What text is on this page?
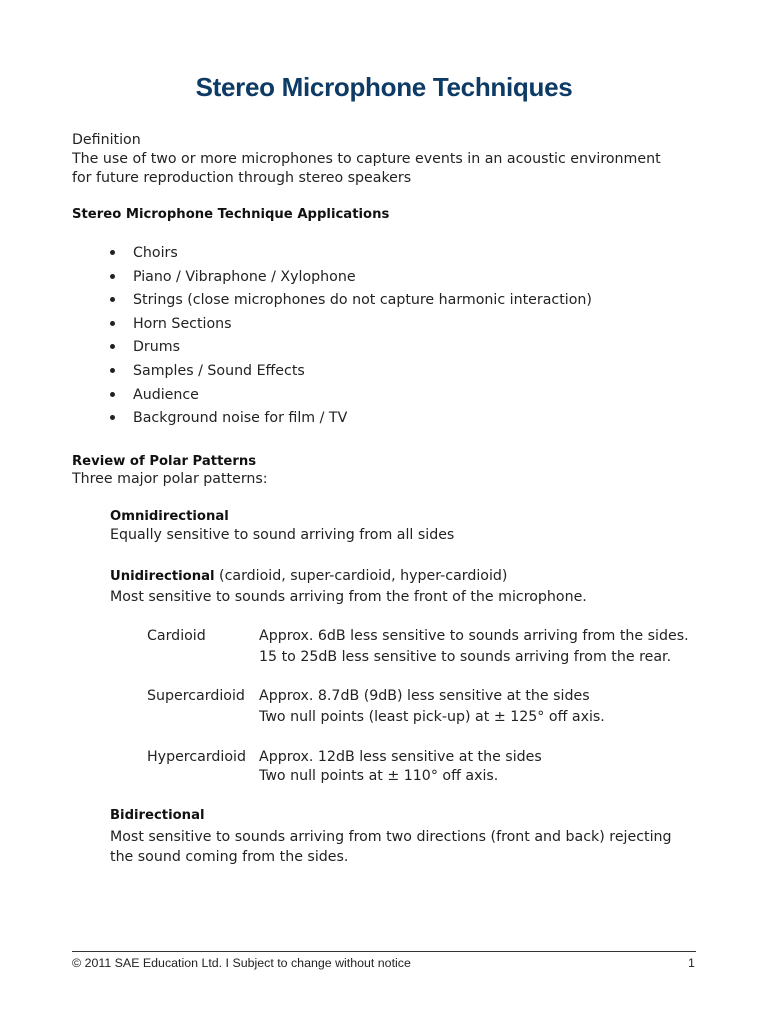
Stereo Microphone Techniques
Definition
The use of two or more microphones to capture events in an acoustic environment
for future reproduction through stereo speakers
Stereo Microphone Technique Applications
Choirs
Piano / Vibraphone / Xylophone
Strings (close microphones do not capture harmonic interaction)
Horn Sections
Drums
Samples / Sound Effects
Audience
Background noise for film / TV
Review of Polar Patterns
Three major polar patterns:
Omnidirectional
Equally sensitive to sound arriving from all sides
Unidirectional (cardioid, super-cardioid, hyper-cardioid)
Most sensitive to sounds arriving from the front of the microphone.
Cardioid	Approx. 6dB less sensitive to sounds arriving from the sides.
15 to 25dB less sensitive to sounds arriving from the rear.
Supercardioid Approx. 8.7dB (9dB) less sensitive at the sides
Two null points (least pick-up) at ± 125° off axis.
Hypercardioid Approx. 12dB less sensitive at the sides
Two null points at ± 110° off axis.
Bidirectional
Most sensitive to sounds arriving from two directions (front and back) rejecting
the sound coming from the sides.
© 2011 SAE Education Ltd. I Subject to change without notice	1
